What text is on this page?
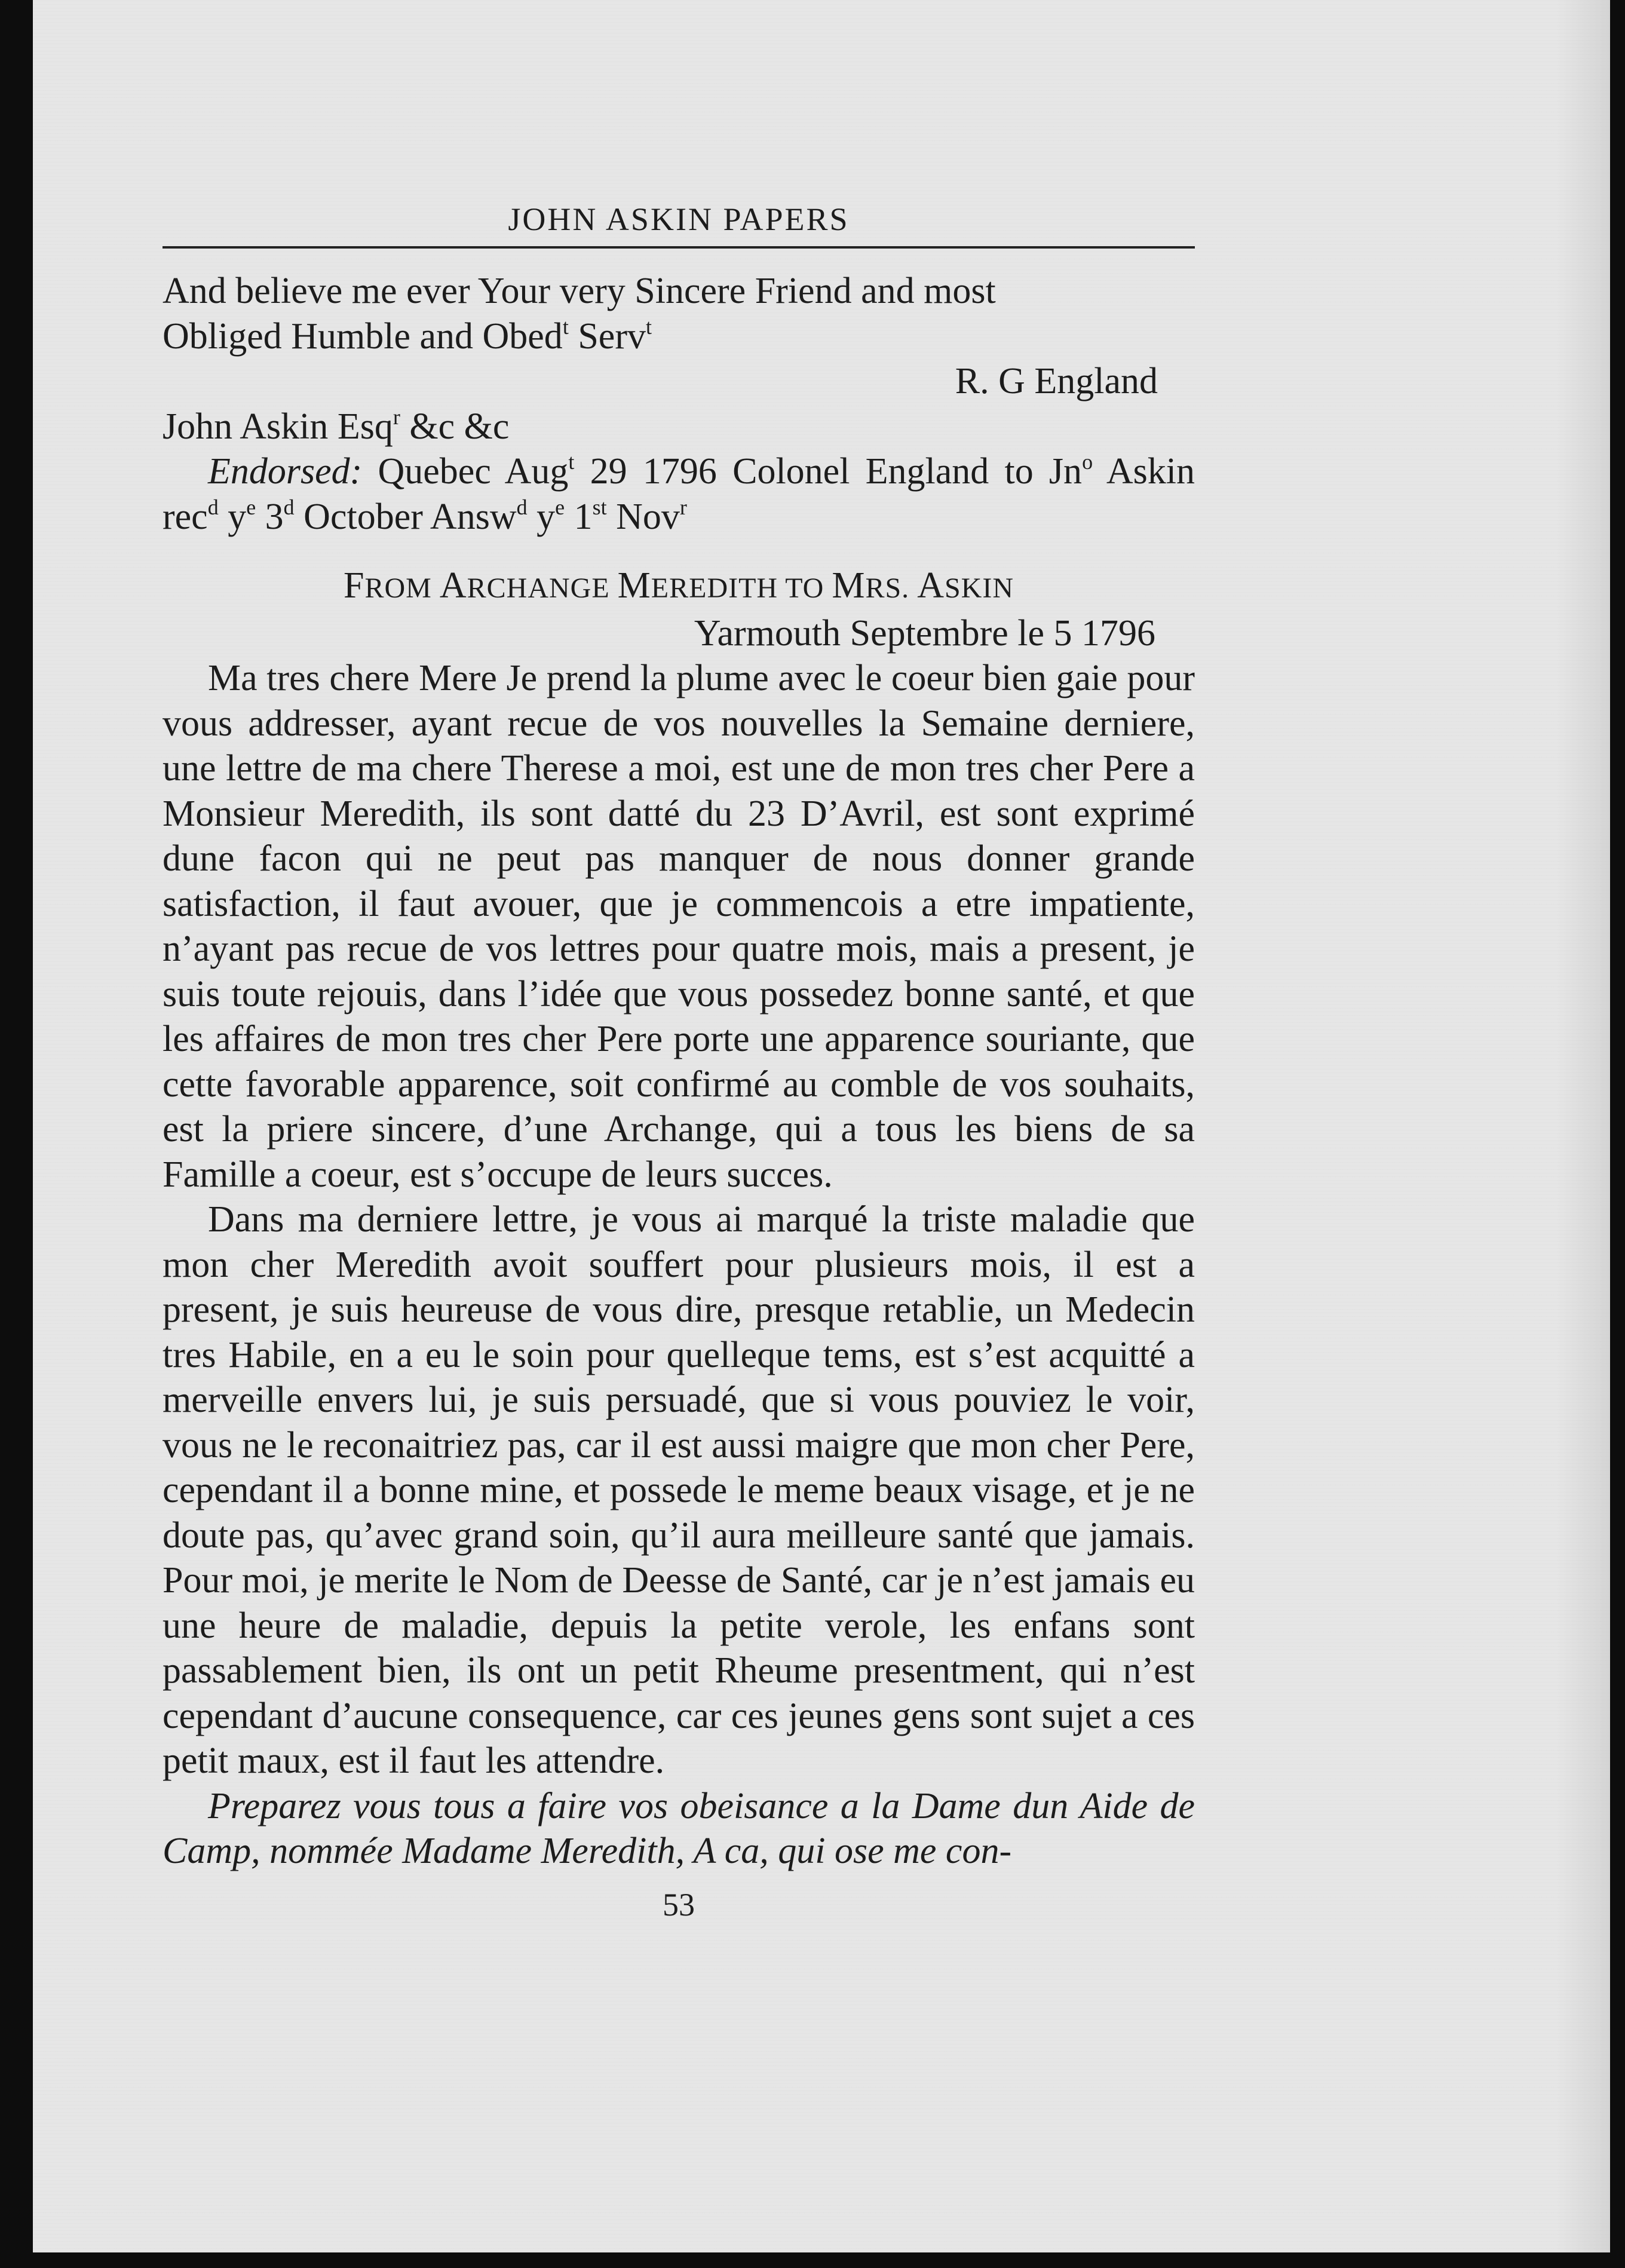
JOHN ASKIN PAPERS

And believe me ever Your very Sincere Friend and most

Obliged Humble and Obed$^t$ Serv$^t$

R. G England

John Askin Esq$^r$ &c &c

Endorsed: Quebec Aug$^t$ 29 1796 Colonel England to Jn$^o$ Askin rec$^d$ $y^e$ 3$^d$ October Answ$^d$ $y^e$ 1st Nov$^r$

FROM ARCHANGE MEREDITH TO MRS. ASKIN

Yarmouth Septembre le 5 1796

Ma tres chere Mere Je prend la plume avec le coeur bien gaie pour vous addresser, ayant recue de vos nouvelles la Semaine derniere, une lettre de ma chere Therese a moi, est une de mon tres cher Pere a Monsieur Meredith, ils sont datté du 23 D’Avril, est sont exprimé dune facon qui ne peut pas manquer de nous donner grande satisfaction, il faut avouer, que je commencois a etre impatiente, n’ayant pas recue de vos lettres pour quatre mois, mais a present, je suis toute rejouis, dans l’idée que vous possedez bonne santé, et que les affaires de mon tres cher Pere porte une apparence souriante, que cette favorable apparence, soit confirmé au comble de vos souhaits, est la priere sincere, d’une Archange, qui a tous les biens de sa Famille a coeur, est s’occupe de leurs succes.

Dans ma derniere lettre, je vous ai marqué la triste maladie que mon cher Meredith avoit souffert pour plusieurs mois, il est a present, je suis heureuse de vous dire, presque retablie, un Medecin tres Habile, en a eu le soin pour quelleque tems, est s’est acquitté a merveille envers lui, je suis persuadé, que si vous pouviez le voir, vous ne le reconaitriez pas, car il est aussi maigre que mon cher Pere, cependant il a bonne mine, et possede le meme beaux visage, et je ne doute pas, qu’avec grand soin, qu’il aura meilleure santé que jamais. Pour moi, je merite le Nom de Deesse de Santé, car je n’est jamais eu une heure de maladie, depuis la petite verole, les enfans sont passablement bien, ils ont un petit Rheume presentment, qui n’est cependant d’aucune consequence, car ces jeunes gens sont sujet a ces petit maux, est il faut les attendre.

Preparez vous tous a faire vos obeisance a la Dame dun Aide de Camp, nommée Madame Meredith, A ca, qui ose me con-

53
